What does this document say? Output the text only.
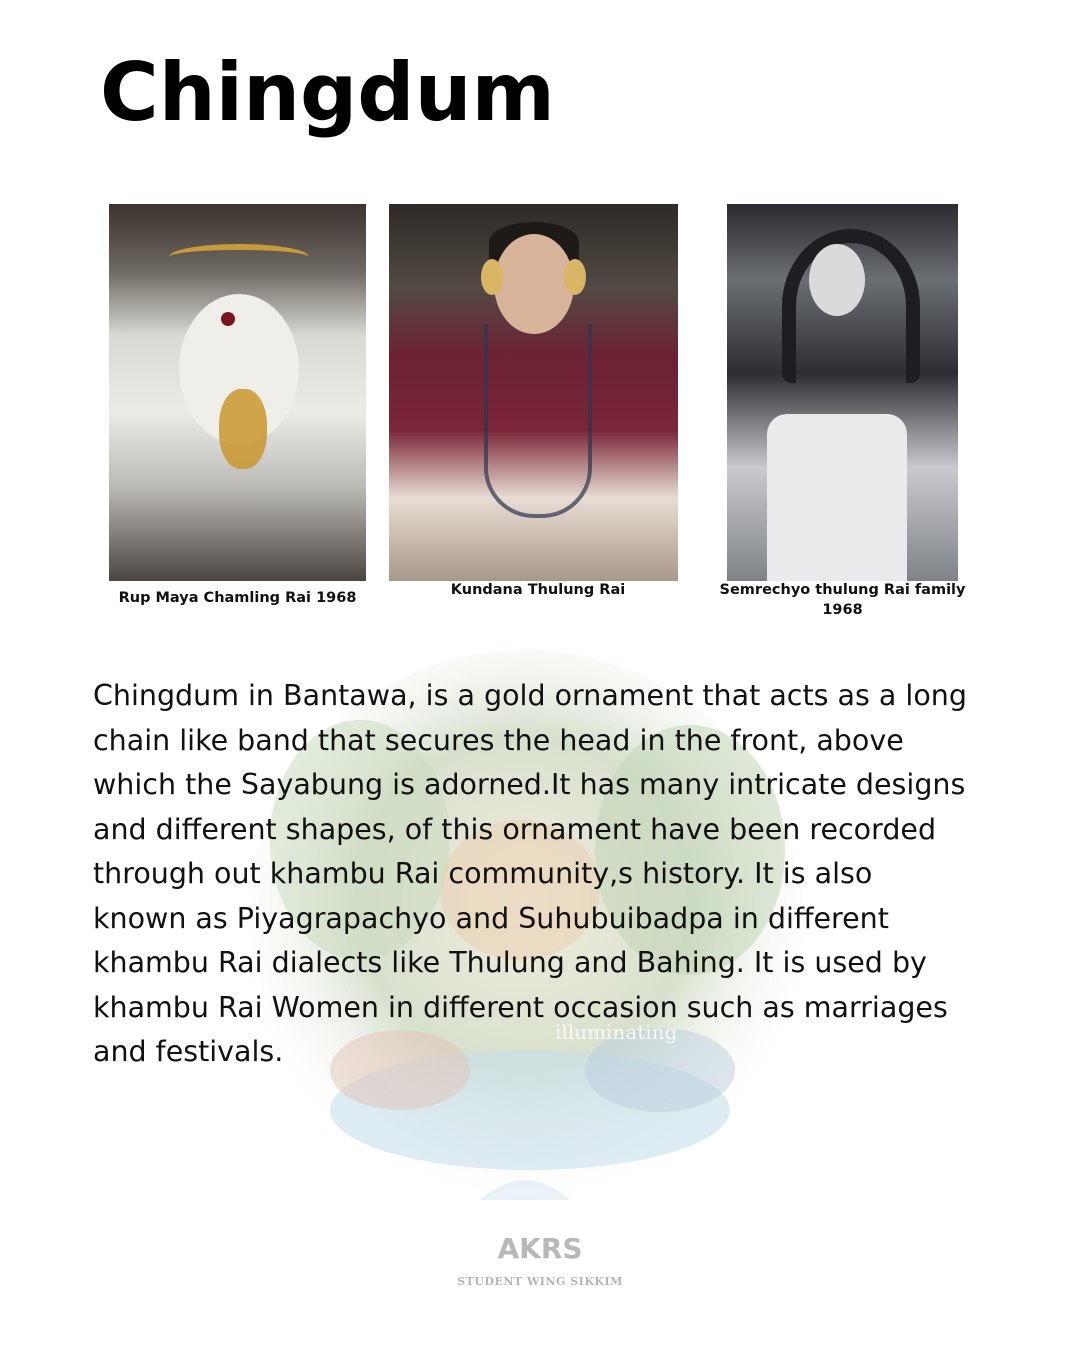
Chingdum
Rup Maya Chamling Rai 1968	Kundana Thulung Rai	Semrechyo thulung Rai family 1968
illuminating
AKRS
STUDENT WING SIKKIM

Chingdum in Bantawa, is a gold ornament that acts as a long chain like band that secures the head in the front, above which the Sayabung is adorned.It has many intricate designs and different shapes, of this ornament have been recorded through out khambu Rai community,s history. It is also known as Piyagrapachyo and Suhubuibadpa in different khambu Rai dialects like Thulung and Bahing. It is used by khambu Rai Women in different occasion such as marriages and festivals.
